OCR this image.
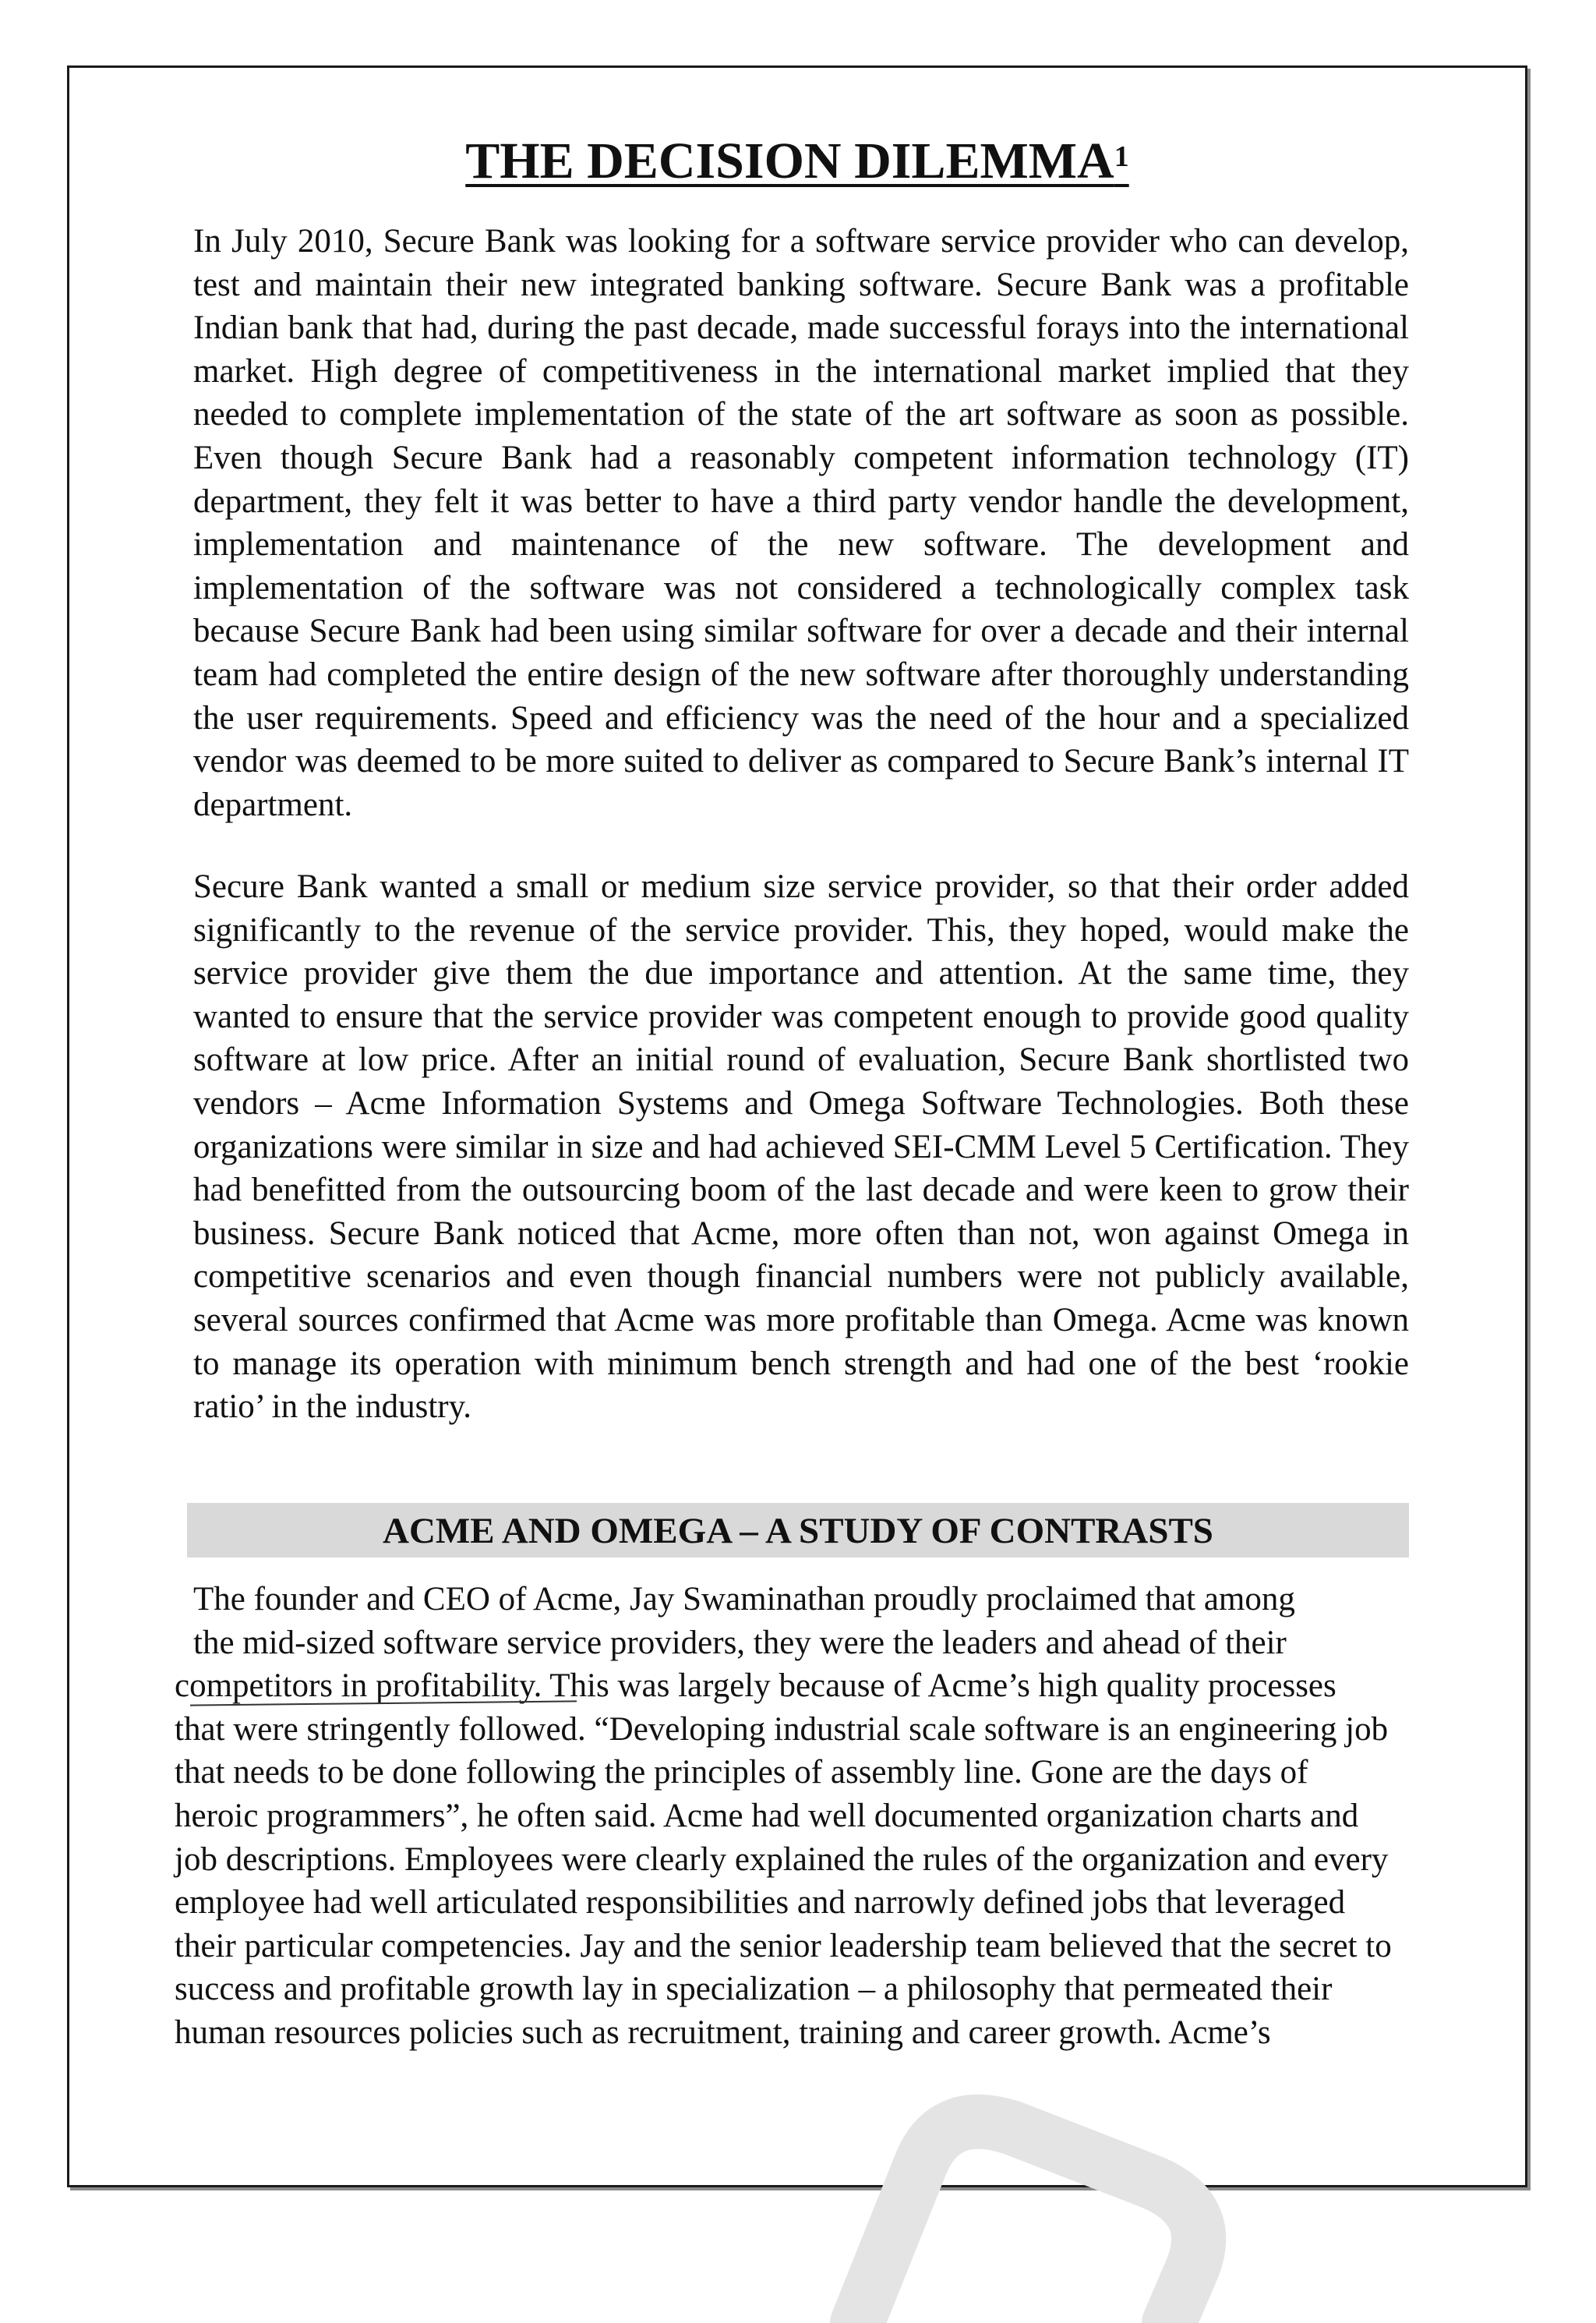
THE DECISION DILEMMA$^1$

In July 2010, Secure Bank was looking for a software service provider who can develop, test and maintain their new integrated banking software. Secure Bank was a profitable Indian bank that had, during the past decade, made successful forays into the international market. High degree of competitiveness in the international market implied that they needed to complete implementation of the state of the art software as soon as possible. Even though Secure Bank had a reasonably competent information technology (IT) department, they felt it was better to have a third party vendor handle the development, implementation and maintenance of the new software. The development and implementation of the software was not considered a technologically complex task because Secure Bank had been using similar software for over a decade and their internal team had completed the entire design of the new software after thoroughly understanding the user requirements. Speed and efficiency was the need of the hour and a specialized vendor was deemed to be more suited to deliver as compared to Secure Bank’s internal IT department.

Secure Bank wanted a small or medium size service provider, so that their order added significantly to the revenue of the service provider. This, they hoped, would make the service provider give them the due importance and attention. At the same time, they wanted to ensure that the service provider was competent enough to provide good quality software at low price. After an initial round of evaluation, Secure Bank shortlisted two vendors – Acme Information Systems and Omega Software Technologies. Both these organizations were similar in size and had achieved SEI-CMM Level 5 Certification. They had benefitted from the outsourcing boom of the last decade and were keen to grow their business. Secure Bank noticed that Acme, more often than not, won against Omega in competitive scenarios and even though financial numbers were not publicly available, several sources confirmed that Acme was more profitable than Omega. Acme was known to manage its operation with minimum bench strength and had one of the best ‘rookie ratio’ in the industry.

ACME AND OMEGA – A STUDY OF CONTRASTS
The founder and CEO of Acme, Jay Swaminathan proudly proclaimed that among
the mid-sized software service providers, they were the leaders and ahead of their
competitors in profitability. This was largely because of Acme’s high quality processes
that were stringently followed. “Developing industrial scale software is an engineering job
that needs to be done following the principles of assembly line. Gone are the days of
heroic programmers”, he often said. Acme had well documented organization charts and
job descriptions. Employees were clearly explained the rules of the organization and every
employee had well articulated responsibilities and narrowly defined jobs that leveraged
their particular competencies. Jay and the senior leadership team believed that the secret to
success and profitable growth lay in specialization – a philosophy that permeated their
human resources policies such as recruitment, training and career growth. Acme’s
